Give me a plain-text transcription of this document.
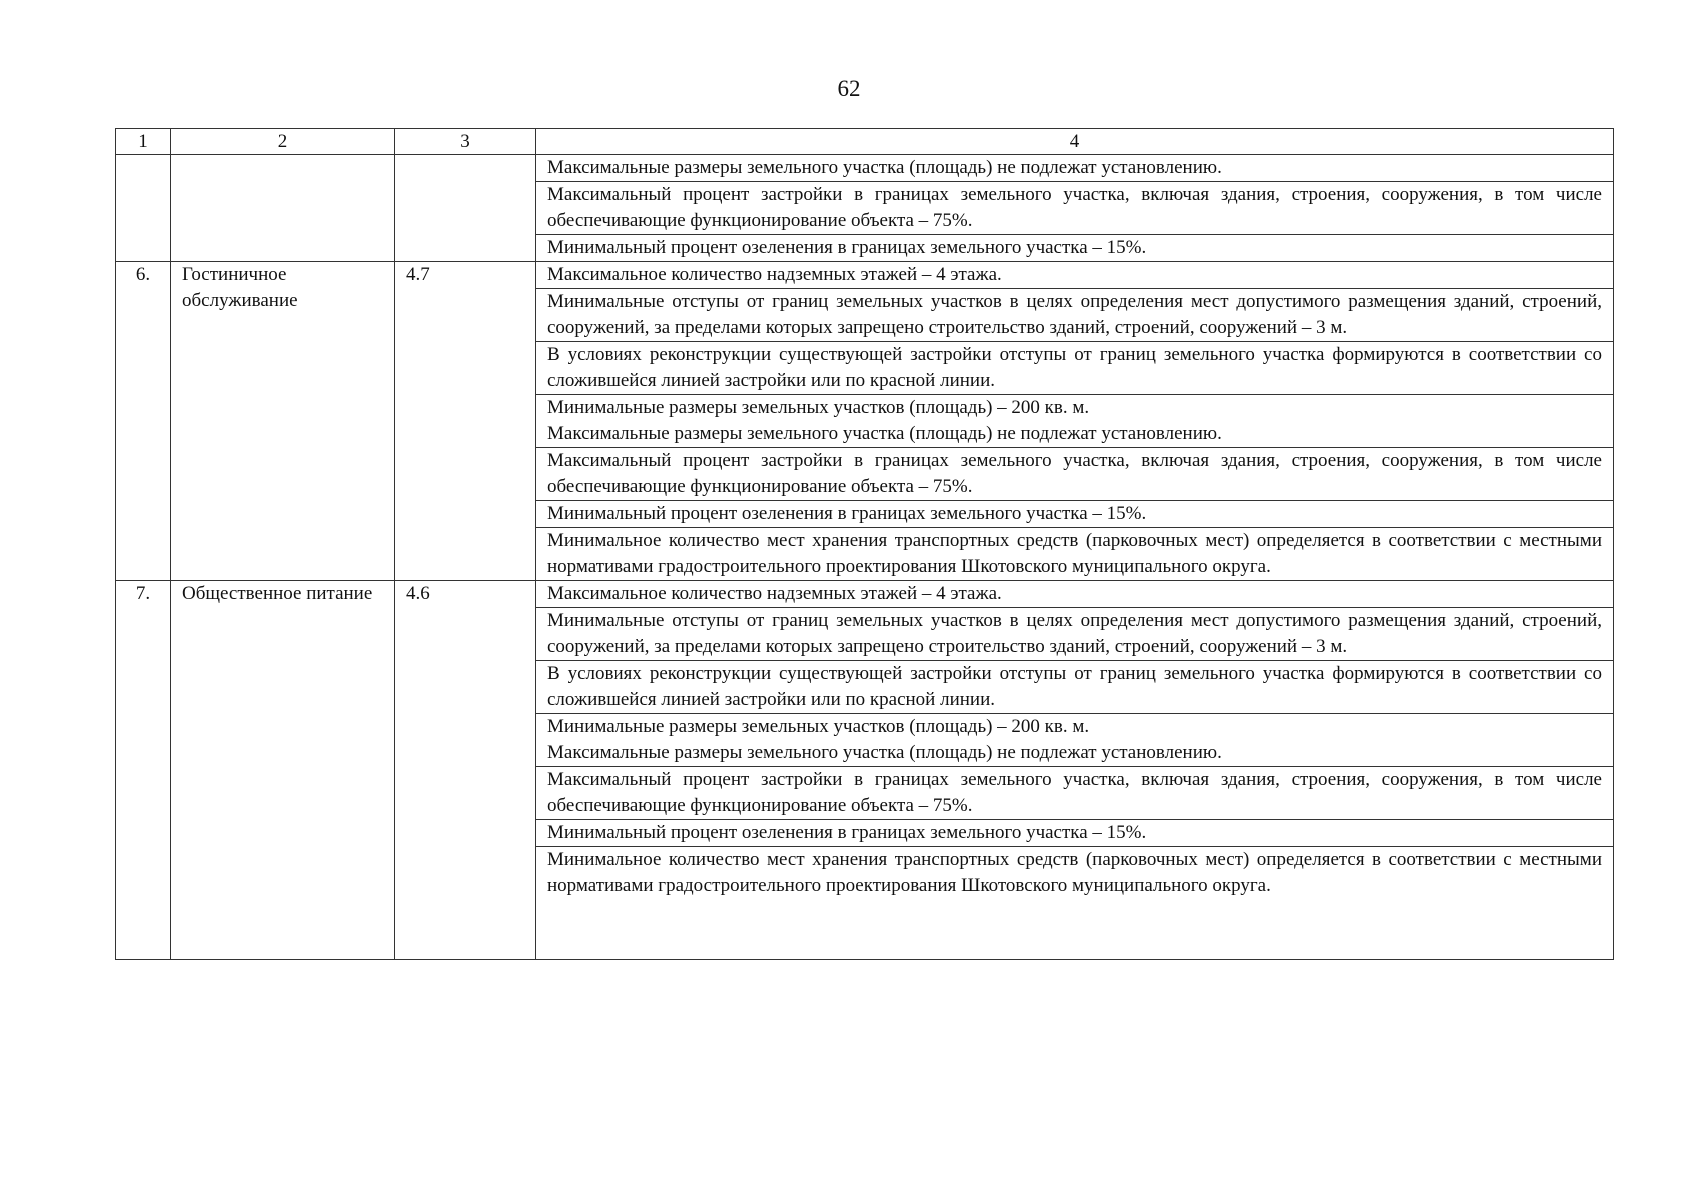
62
1	2	3	4

			Максимальные размеры земельного участка (площадь) не подлежат установлению.

			Максимальный процент застройки в границах земельного участка, включая здания, строения, сооружения, в том числе обеспечивающие функционирование объекта – 75%.

			Минимальный процент озеленения в границах земельного участка – 15%.

6.	Гостиничное обслуживание	4.7	Максимальное количество надземных этажей – 4 этажа.

			Минимальные отступы от границ земельных участков в целях определения мест допустимого размещения зданий, строений, сооружений, за пределами которых запрещено строительство зданий, строений, сооружений – 3 м.

			В условиях реконструкции существующей застройки отступы от границ земельного участка формируются в соответствии со сложившейся линией застройки или по красной линии.

			Минимальные размеры земельных участков (площадь) – 200 кв. м.
Максимальные размеры земельного участка (площадь) не подлежат установлению.

			Максимальный процент застройки в границах земельного участка, включая здания, строения, сооружения, в том числе обеспечивающие функционирование объекта – 75%.

			Минимальный процент озеленения в границах земельного участка – 15%.

			Минимальное количество мест хранения транспортных средств (парковочных мест) определяется в соответствии с местными нормативами градостроительного проектирования Шкотовского муниципального округа.

7.	Общественное питание	4.6	Максимальное количество надземных этажей – 4 этажа.

			Минимальные отступы от границ земельных участков в целях определения мест допустимого размещения зданий, строений, сооружений, за пределами которых запрещено строительство зданий, строений, сооружений – 3 м.

			В условиях реконструкции существующей застройки отступы от границ земельного участка формируются в соответствии со сложившейся линией застройки или по красной линии.

			Минимальные размеры земельных участков (площадь) – 200 кв. м.
Максимальные размеры земельного участка (площадь) не подлежат установлению.

			Максимальный процент застройки в границах земельного участка, включая здания, строения, сооружения, в том числе обеспечивающие функционирование объекта – 75%.

			Минимальный процент озеленения в границах земельного участка – 15%.

			Минимальное количество мест хранения транспортных средств (парковочных мест) определяется в соответствии с местными нормативами градостроительного проектирования Шкотовского муниципального округа.
